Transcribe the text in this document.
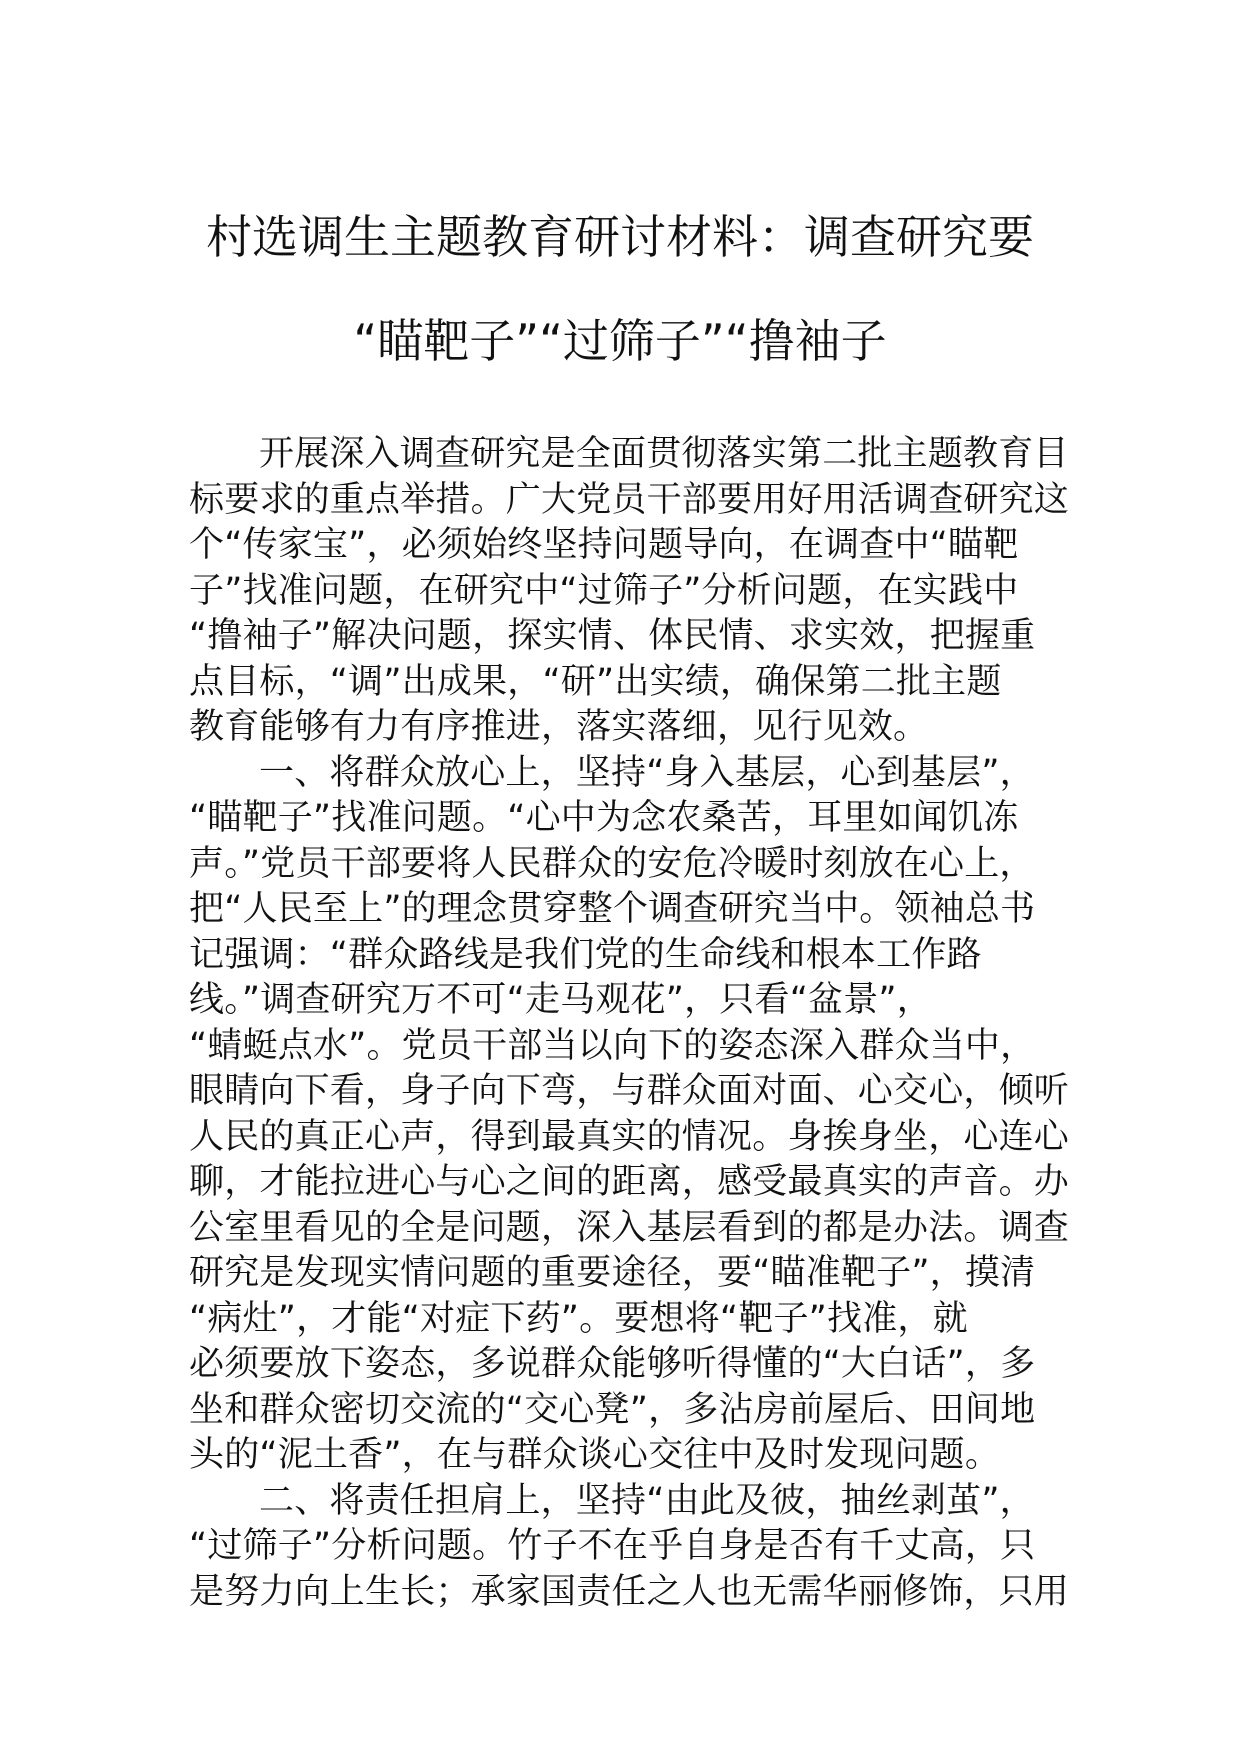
村选调生主题教育研讨材料：调查研究要

“瞄靶子”“过筛子”“撸袖子

开展深入调查研究是全面贯彻落实第二批主题教育目

标要求的重点举措。广大党员干部要用好用活调查研究这

个“传家宝”，必须始终坚持问题导向，在调查中“瞄靶

子”找准问题，在研究中“过筛子”分析问题，在实践中

“撸袖子”解决问题，探实情、体民情、求实效，把握重

点目标，“调”出成果，“研”出实绩，确保第二批主题

教育能够有力有序推进，落实落细，见行见效。

一、将群众放心上，坚持“身入基层，心到基层”，

“瞄靶子”找准问题。“心中为念农桑苦，耳里如闻饥冻

声。”党员干部要将人民群众的安危冷暖时刻放在心上，

把“人民至上”的理念贯穿整个调查研究当中。领袖总书

记强调：“群众路线是我们党的生命线和根本工作路

线。”调查研究万不可“走马观花”，只看“盆景”，

“蜻蜓点水”。党员干部当以向下的姿态深入群众当中，

眼睛向下看，身子向下弯，与群众面对面、心交心，倾听

人民的真正心声，得到最真实的情况。身挨身坐，心连心

聊，才能拉进心与心之间的距离，感受最真实的声音。办

公室里看见的全是问题，深入基层看到的都是办法。调查

研究是发现实情问题的重要途径，要“瞄准靶子”，摸清

“病灶”，才能“对症下药”。要想将“靶子”找准，就

必须要放下姿态，多说群众能够听得懂的“大白话”，多

坐和群众密切交流的“交心凳”，多沾房前屋后、田间地

头的“泥土香”，在与群众谈心交往中及时发现问题。

二、将责任担肩上，坚持“由此及彼，抽丝剥茧”，

“过筛子”分析问题。竹子不在乎自身是否有千丈高，只

是努力向上生长；承家国责任之人也无需华丽修饰，只用
